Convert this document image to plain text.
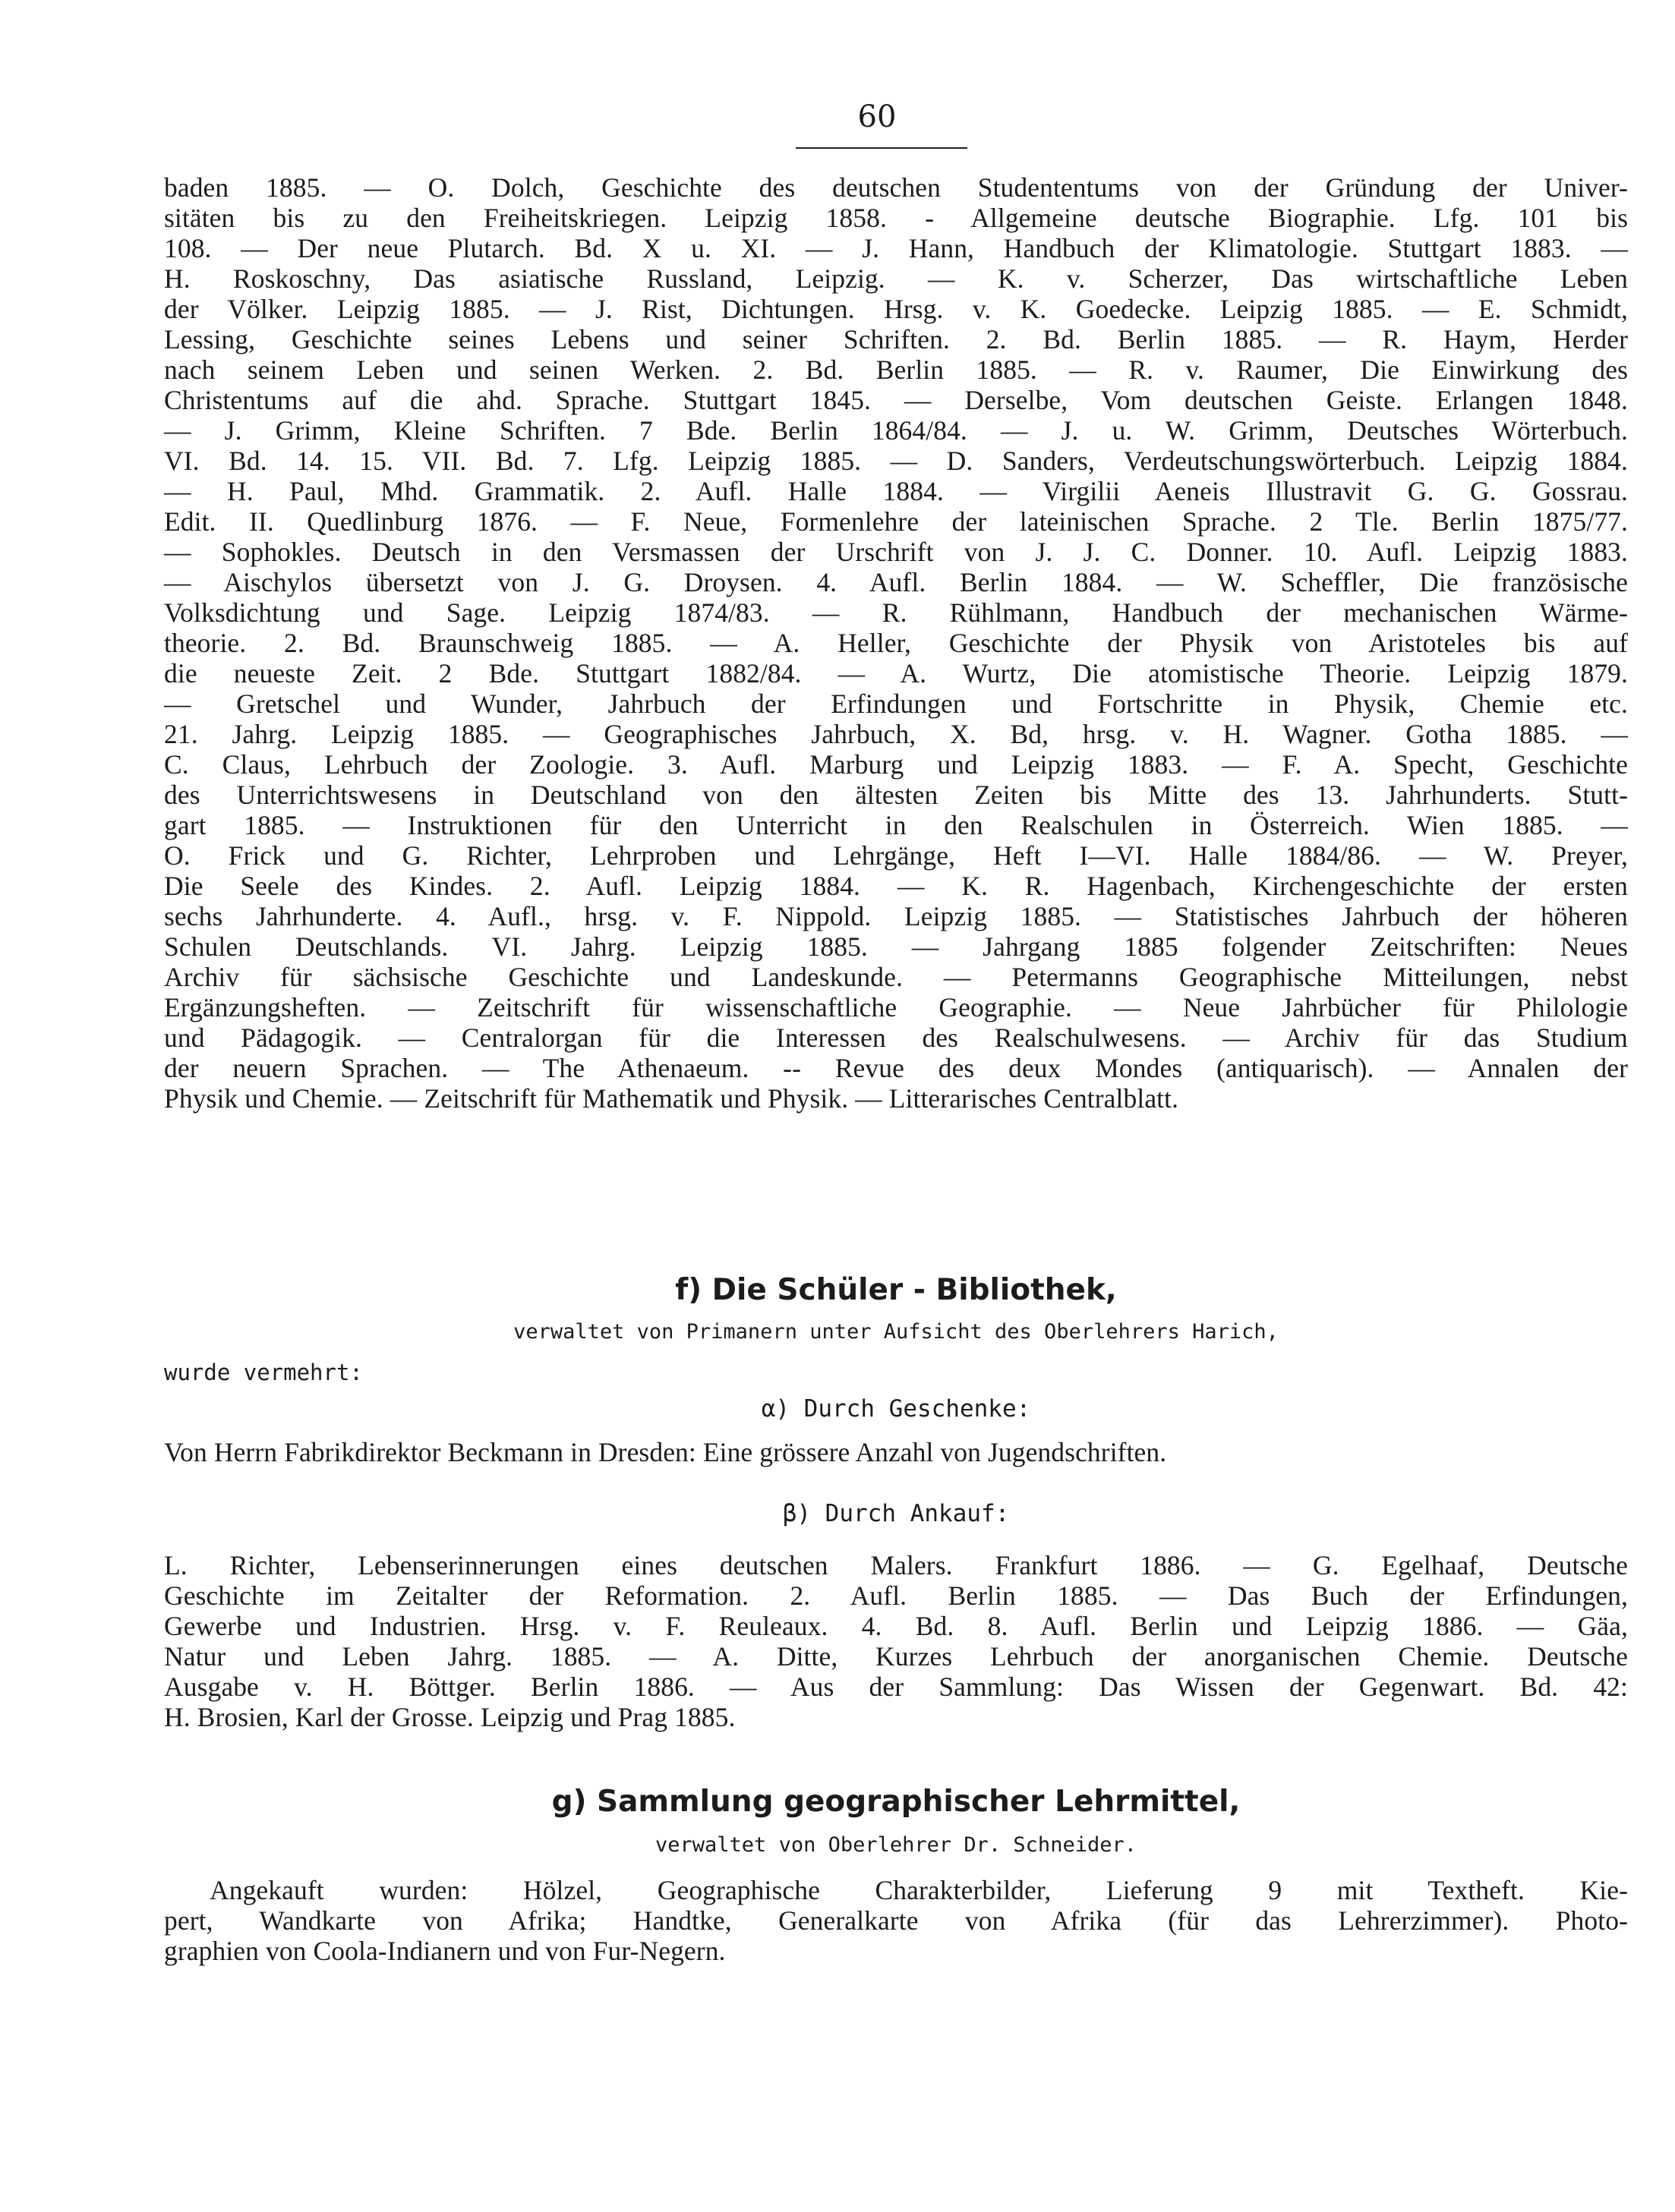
60
baden 1885. — O. Dolch, Geschichte des deutschen Studententums von der Gründung der Univer-
sitäten bis zu den Freiheitskriegen. Leipzig 1858. - Allgemeine deutsche Biographie. Lfg. 101 bis
108. — Der neue Plutarch. Bd. X u. XI. — J. Hann, Handbuch der Klimatologie. Stuttgart 1883. —
H. Roskoschny, Das asiatische Russland, Leipzig. — K. v. Scherzer, Das wirtschaftliche Leben
der Völker. Leipzig 1885. — J. Rist, Dichtungen. Hrsg. v. K. Goedecke. Leipzig 1885. — E. Schmidt,
Lessing, Geschichte seines Lebens und seiner Schriften. 2. Bd. Berlin 1885. — R. Haym, Herder
nach seinem Leben und seinen Werken. 2. Bd. Berlin 1885. — R. v. Raumer, Die Einwirkung des
Christentums auf die ahd. Sprache. Stuttgart 1845. — Derselbe, Vom deutschen Geiste. Erlangen 1848.
— J. Grimm, Kleine Schriften. 7 Bde. Berlin 1864/84. — J. u. W. Grimm, Deutsches Wörterbuch.
VI. Bd. 14. 15. VII. Bd. 7. Lfg. Leipzig 1885. — D. Sanders, Verdeutschungswörterbuch. Leipzig 1884.
— H. Paul, Mhd. Grammatik. 2. Aufl. Halle 1884. — Virgilii Aeneis Illustravit G. G. Gossrau.
Edit. II. Quedlinburg 1876. — F. Neue, Formenlehre der lateinischen Sprache. 2 Tle. Berlin 1875/77.
— Sophokles. Deutsch in den Versmassen der Urschrift von J. J. C. Donner. 10. Aufl. Leipzig 1883.
— Aischylos übersetzt von J. G. Droysen. 4. Aufl. Berlin 1884. — W. Scheffler, Die französische
Volksdichtung und Sage. Leipzig 1874/83. — R. Rühlmann, Handbuch der mechanischen Wärme-
theorie. 2. Bd. Braunschweig 1885. — A. Heller, Geschichte der Physik von Aristoteles bis auf
die neueste Zeit. 2 Bde. Stuttgart 1882/84. — A. Wurtz, Die atomistische Theorie. Leipzig 1879.
— Gretschel und Wunder, Jahrbuch der Erfindungen und Fortschritte in Physik, Chemie etc.
21. Jahrg. Leipzig 1885. — Geographisches Jahrbuch, X. Bd, hrsg. v. H. Wagner. Gotha 1885. —
C. Claus, Lehrbuch der Zoologie. 3. Aufl. Marburg und Leipzig 1883. — F. A. Specht, Geschichte
des Unterrichtswesens in Deutschland von den ältesten Zeiten bis Mitte des 13. Jahrhunderts. Stutt-
gart 1885. — Instruktionen für den Unterricht in den Realschulen in Österreich. Wien 1885. —
O. Frick und G. Richter, Lehrproben und Lehrgänge, Heft I—VI. Halle 1884/86. — W. Preyer,
Die Seele des Kindes. 2. Aufl. Leipzig 1884. — K. R. Hagenbach, Kirchengeschichte der ersten
sechs Jahrhunderte. 4. Aufl., hrsg. v. F. Nippold. Leipzig 1885. — Statistisches Jahrbuch der höheren
Schulen Deutschlands. VI. Jahrg. Leipzig 1885. — Jahrgang 1885 folgender Zeitschriften: Neues
Archiv für sächsische Geschichte und Landeskunde. — Petermanns Geographische Mitteilungen, nebst
Ergänzungsheften. — Zeitschrift für wissenschaftliche Geographie. — Neue Jahrbücher für Philologie
und Pädagogik. — Centralorgan für die Interessen des Realschulwesens. — Archiv für das Studium
der neuern Sprachen. — The Athenaeum. -- Revue des deux Mondes (antiquarisch). — Annalen der
Physik und Chemie. — Zeitschrift für Mathematik und Physik. — Litterarisches Centralblatt.
f) Die Schüler - Bibliothek,
verwaltet von Primanern unter Aufsicht des Oberlehrers Harich,
wurde vermehrt:
α) Durch Geschenke:
Von Herrn Fabrikdirektor Beckmann in Dresden: Eine grössere Anzahl von Jugendschriften.
β) Durch Ankauf:
L. Richter, Lebenserinnerungen eines deutschen Malers. Frankfurt 1886. — G. Egelhaaf, Deutsche
Geschichte im Zeitalter der Reformation. 2. Aufl. Berlin 1885. — Das Buch der Erfindungen,
Gewerbe und Industrien. Hrsg. v. F. Reuleaux. 4. Bd. 8. Aufl. Berlin und Leipzig 1886. — Gäa,
Natur und Leben Jahrg. 1885. — A. Ditte, Kurzes Lehrbuch der anorganischen Chemie. Deutsche
Ausgabe v. H. Böttger. Berlin 1886. — Aus der Sammlung: Das Wissen der Gegenwart. Bd. 42:
H. Brosien, Karl der Grosse. Leipzig und Prag 1885.
g) Sammlung geographischer Lehrmittel,
verwaltet von Oberlehrer Dr. Schneider.
Angekauft wurden: Hölzel, Geographische Charakterbilder, Lieferung 9 mit Textheft. Kie-
pert, Wandkarte von Afrika; Handtke, Generalkarte von Afrika (für das Lehrerzimmer). Photo-
graphien von Coola-Indianern und von Fur-Negern.
